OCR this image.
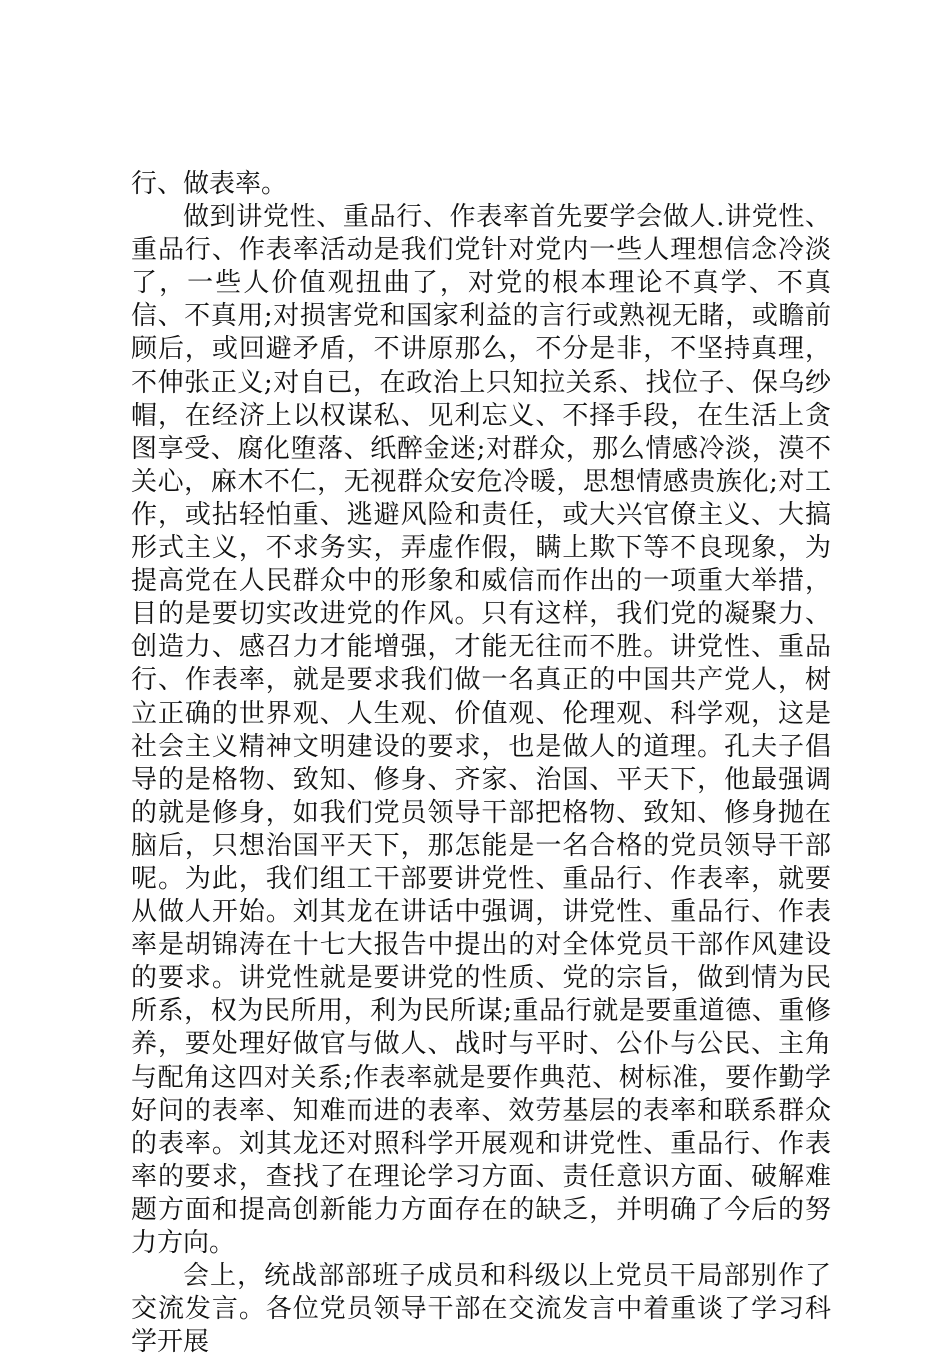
行、做表率。

做到讲党性、重品行、作表率首先要学会做人.讲党性、重品行、作表率活动是我们党针对党内一些人理想信念冷淡了，一些人价值观扭曲了，对党的根本理论不真学、不真信、不真用;对损害党和国家利益的言行或熟视无睹，或瞻前顾后，或回避矛盾，不讲原那么，不分是非，不坚持真理，不伸张正义;对自已，在政治上只知拉关系、找位子、保乌纱帽，在经济上以权谋私、见利忘义、不择手段，在生活上贪图享受、腐化堕落、纸醉金迷;对群众，那么情感冷淡，漠不关心，麻木不仁，无视群众安危冷暖，思想情感贵族化;对工作，或拈轻怕重、逃避风险和责任，或大兴官僚主义、大搞形式主义，不求务实，弄虚作假，瞒上欺下等不良现象，为提高党在人民群众中的形象和威信而作出的一项重大举措，目的是要切实改进党的作风。只有这样，我们党的凝聚力、创造力、感召力才能增强，才能无往而不胜。讲党性、重品行、作表率，就是要求我们做一名真正的中国共产党人，树立正确的世界观、人生观、价值观、伦理观、科学观，这是社会主义精神文明建设的要求，也是做人的道理。孔夫子倡导的是格物、致知、修身、齐家、治国、平天下，他最强调的就是修身，如我们党员领导干部把格物、致知、修身抛在脑后，只想治国平天下，那怎能是一名合格的党员领导干部呢。为此，我们组工干部要讲党性、重品行、作表率，就要从做人开始。刘其龙在讲话中强调，讲党性、重品行、作表率是胡锦涛在十七大报告中提出的对全体党员干部作风建设的要求。讲党性就是要讲党的性质、党的宗旨，做到情为民所系，权为民所用，利为民所谋;重品行就是要重道德、重修养，要处理好做官与做人、战时与平时、公仆与公民、主角与配角这四对关系;作表率就是要作典范、树标准，要作勤学好问的表率、知难而进的表率、效劳基层的表率和联系群众的表率。刘其龙还对照科学开展观和讲党性、重品行、作表率的要求，查找了在理论学习方面、责任意识方面、破解难题方面和提高创新能力方面存在的缺乏，并明确了今后的努力方向。

会上，统战部部班子成员和科级以上党员干局部别作了交流发言。各位党员领导干部在交流发言中着重谈了学习科学开展
